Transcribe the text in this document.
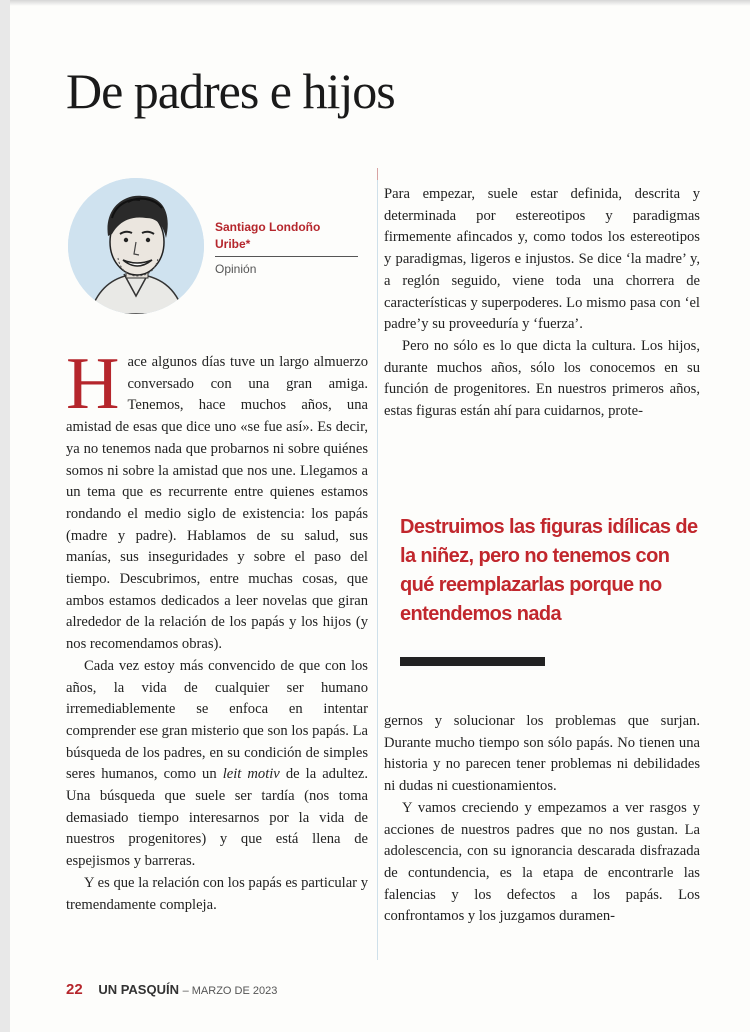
De padres e hijos
Santiago Londoño Uribe*
Opinión

Hace algunos días tuve un largo almuerzo conversado con una gran amiga. Tenemos, hace muchos años, una amistad de esas que dice uno «se fue así». Es decir, ya no tenemos nada que probarnos ni sobre quiénes somos ni sobre la amistad que nos une. Llegamos a un tema que es recurrente entre quienes estamos rondando el medio siglo de existencia: los papás (madre y padre). Hablamos de su salud, sus manías, sus inseguridades y sobre el paso del tiempo. Descubrimos, entre muchas cosas, que ambos estamos dedicados a leer novelas que giran alrededor de la relación de los papás y los hijos (y nos recomendamos obras).

Cada vez estoy más convencido de que con los años, la vida de cualquier ser humano irremediablemente se enfoca en intentar comprender ese gran misterio que son los papás. La búsqueda de los padres, en su condición de simples seres humanos, como un leit motiv de la adultez. Una búsqueda que suele ser tardía (nos toma demasiado tiempo interesarnos por la vida de nuestros progenitores) y que está llena de espejismos y barreras.

Y es que la relación con los papás es particular y tremendamente compleja.

Para empezar, suele estar definida, descrita y determinada por estereotipos y paradigmas firmemente afincados y, como todos los estereotipos y paradigmas, ligeros e injustos. Se dice ‘la madre’ y, a reglón seguido, viene toda una chorrera de características y superpoderes. Lo mismo pasa con ‘el padre’y su proveeduría y ‘fuerza’.

Pero no sólo es lo que dicta la cultura. Los hijos, durante muchos años, sólo los conocemos en su función de progenitores. En nuestros primeros años, estas figuras están ahí para cuidarnos, prote-

Destruimos las figuras idílicas de la niñez, pero no tenemos con qué reemplazarlas porque no entendemos nada

gernos y solucionar los problemas que surjan. Durante mucho tiempo son sólo papás. No tienen una historia y no parecen tener problemas ni debilidades ni dudas ni cuestionamientos.

Y vamos creciendo y empezamos a ver rasgos y acciones de nuestros padres que no nos gustan. La adolescencia, con su ignorancia descarada disfrazada de contundencia, es la etapa de encontrarle las falencias y los defectos a los papás. Los confrontamos y los juzgamos duramen-

22 UN PASQUÍN – MARZO DE 2023
